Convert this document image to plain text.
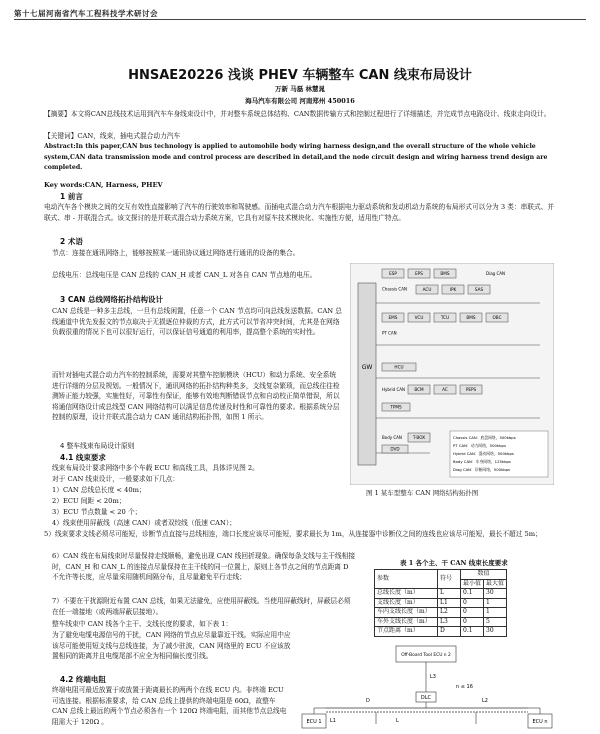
第十七届河南省汽车工程科技学术研讨会
HNSAE20226 浅谈 PHEV 车辆整车 CAN 线束布局设计
万新 马磊 林慧晁
海马汽车有限公司 河南郑州 450016
【摘要】本文将CAN总线技术运用到汽车车身线束设计中，并对整车系统总体结构、CAN数据传输方式和控制过程进行了详细描述，并完成节点电路设计、线束走向设计。
【关键词】CAN，线束，插电式混合动力汽车
Abstract:In this paper,CAN bus technology is applied to automobile body wiring harness design,and the overall structure of the whole vehicle system,CAN data transmission mode and control process are described in detail,and the node circuit design and wiring harness trend design are completed.
Key words:CAN, Harness, PHEV
1 前言
电动汽车各个模块之间的交互有效性直接影响了汽车的行驶效率和驾驶感。而插电式混合动力汽车根据电力驱动系统和发动机动力系统的布局形式可以分为 3 类：串联式、并联式、串 - 并联混合式。该文探讨的是并联式混合动力系统方案，它具有对原车技术模块化、实施性方便，适用性广特点。
2 术语
节点：连接在通讯网络上，能够按照某一通讯协议通过网络进行通讯的设备的集合。
总线电压：总线电压是 CAN 总线的 CAN_H 或者 CAN_L 对各自 CAN 节点地的电压。
3 CAN 总线网络拓扑结构设计
CAN 总线是一种多主总线，一旦有总线闲置，任意一个 CAN 节点均可向总线发送数据。CAN 总线通道中优先发报文的节点取决于无损逐位仲裁的方式，此方式可以节省冲突时间，尤其是在网络负载很重的情况下也可以很好运行，可以保证信号通道的利用率，提高整个系统的实时性。
而针对插电式混合动力汽车的控制系统，需要对其整车控制模块（HCU）和动力系统、安全系统进行详细的分层及规划。一般情况下，通讯网络的拓扑结构种类多，支线复杂繁琐，而总线往往检测矫正能力较强，实施性好，可靠性有保证，能够有效地判断错误节点和自动校正简单错误，所以将通信网络设计成总线型 CAN 网络结构可以满足信息传递及时性和可靠性的要求。根据系统分层控制的原理，设计并联式混合动力 CAN 通讯结构拓扑图，如图 1 所示。
4 整车线束布局设计原则
4.1 线束要求
线束布局设计要求网络中多个车载 ECU 和高线工具，具体详见图 2。
对于 CAN 线束设计，一般要求如下几点：
1）CAN 总线总长度 < 40m；
2）ECU 间距 < 20m；
3）ECU 节点数量 < 20 个；
4）线束使用屏蔽线（高速 CAN）或者双绞线（低速 CAN）；
5）线束要求支线必须尽可能短，诊断节点直接与总线相连，端口长度应该尽可能短，要求最长为 1m，从连接器中诊断仪之间的连线也应该尽可能短，最长不超过 5m；
6）CAN 线在布局线束时尽量保持走线顺畅，避免出现 CAN 线回折现象。确保每条支线与主干线相接时，CAN_H 和 CAN_L 的连接点尽量保持在主干线的同一位置上，原则上各节点之间的节点距离 D 不允许等长度，应尽量采用随机间隔分布，且尽量避免平行走线；
7）不要在干扰源附近布置 CAN 总线，如果无法避免，应使用屏蔽线。当使用屏蔽线时，屏蔽层必须在任一端接地（或两端屏蔽层接地）。
整车线束中 CAN 线各个主干、支线长度的要求，如下表 1：
为了避免电缆电源信号的干扰，CAN 网络的节点应尽量靠近干线。实际应用中应该尽可能使用短支线与总线连接，为了减少驻波，CAN 网络里的 ECU 不应该放置相同的距离并且电缆尾部不应全为相同偏长度引线。
4.2 终端电阻
终端电阻可最近放置于或放置于距离最长的两两个在线 ECU 内。非终端 ECU 可选连接。根据标准要求，给 CAN 总线上提供的终端电阻是 60Ω，故整车 CAN 总线上最远的两个节点必须各有一个 120Ω 终端电阻，而其他节点总线电阻需大于 120Ω 。
GW
ESP	EPS	BMS
Chassis CAN	ACU	IPK	SAS
EMS
PT CAN
VCU	TCU	BMS	OBC
HCU
Hybrid CAN BCM	AC	PEPS
TPMS
Body CAN	T-BOX
DVD
Diag CAN
Chassis CAN：底盘网络，500kbps
PT CAN：动力网络，500kbps
Hybrid CAN：混动网络，500kbps
Body CAN：车身网络，125kbps
Diag CAN：诊断网络，500kbps
图 1 某车型整车 CAN 网络结构拓扑图
表 1 各个主、干 CAN 线束长度要求
参数	符号	数值	
		最小值	最大值
总线长度（m）	L	0.1	30
支线长度（m）	L1	0	1
车内支线长度（m）	L2	0	1
车外支线长度（m）	L3	0	5
节点距离（m）	D	0.1	30
Off-Board Tool ECU n 2
L3
DLC
n ≤ 16
L
D	L2
ECU 1 L1	ECU n
